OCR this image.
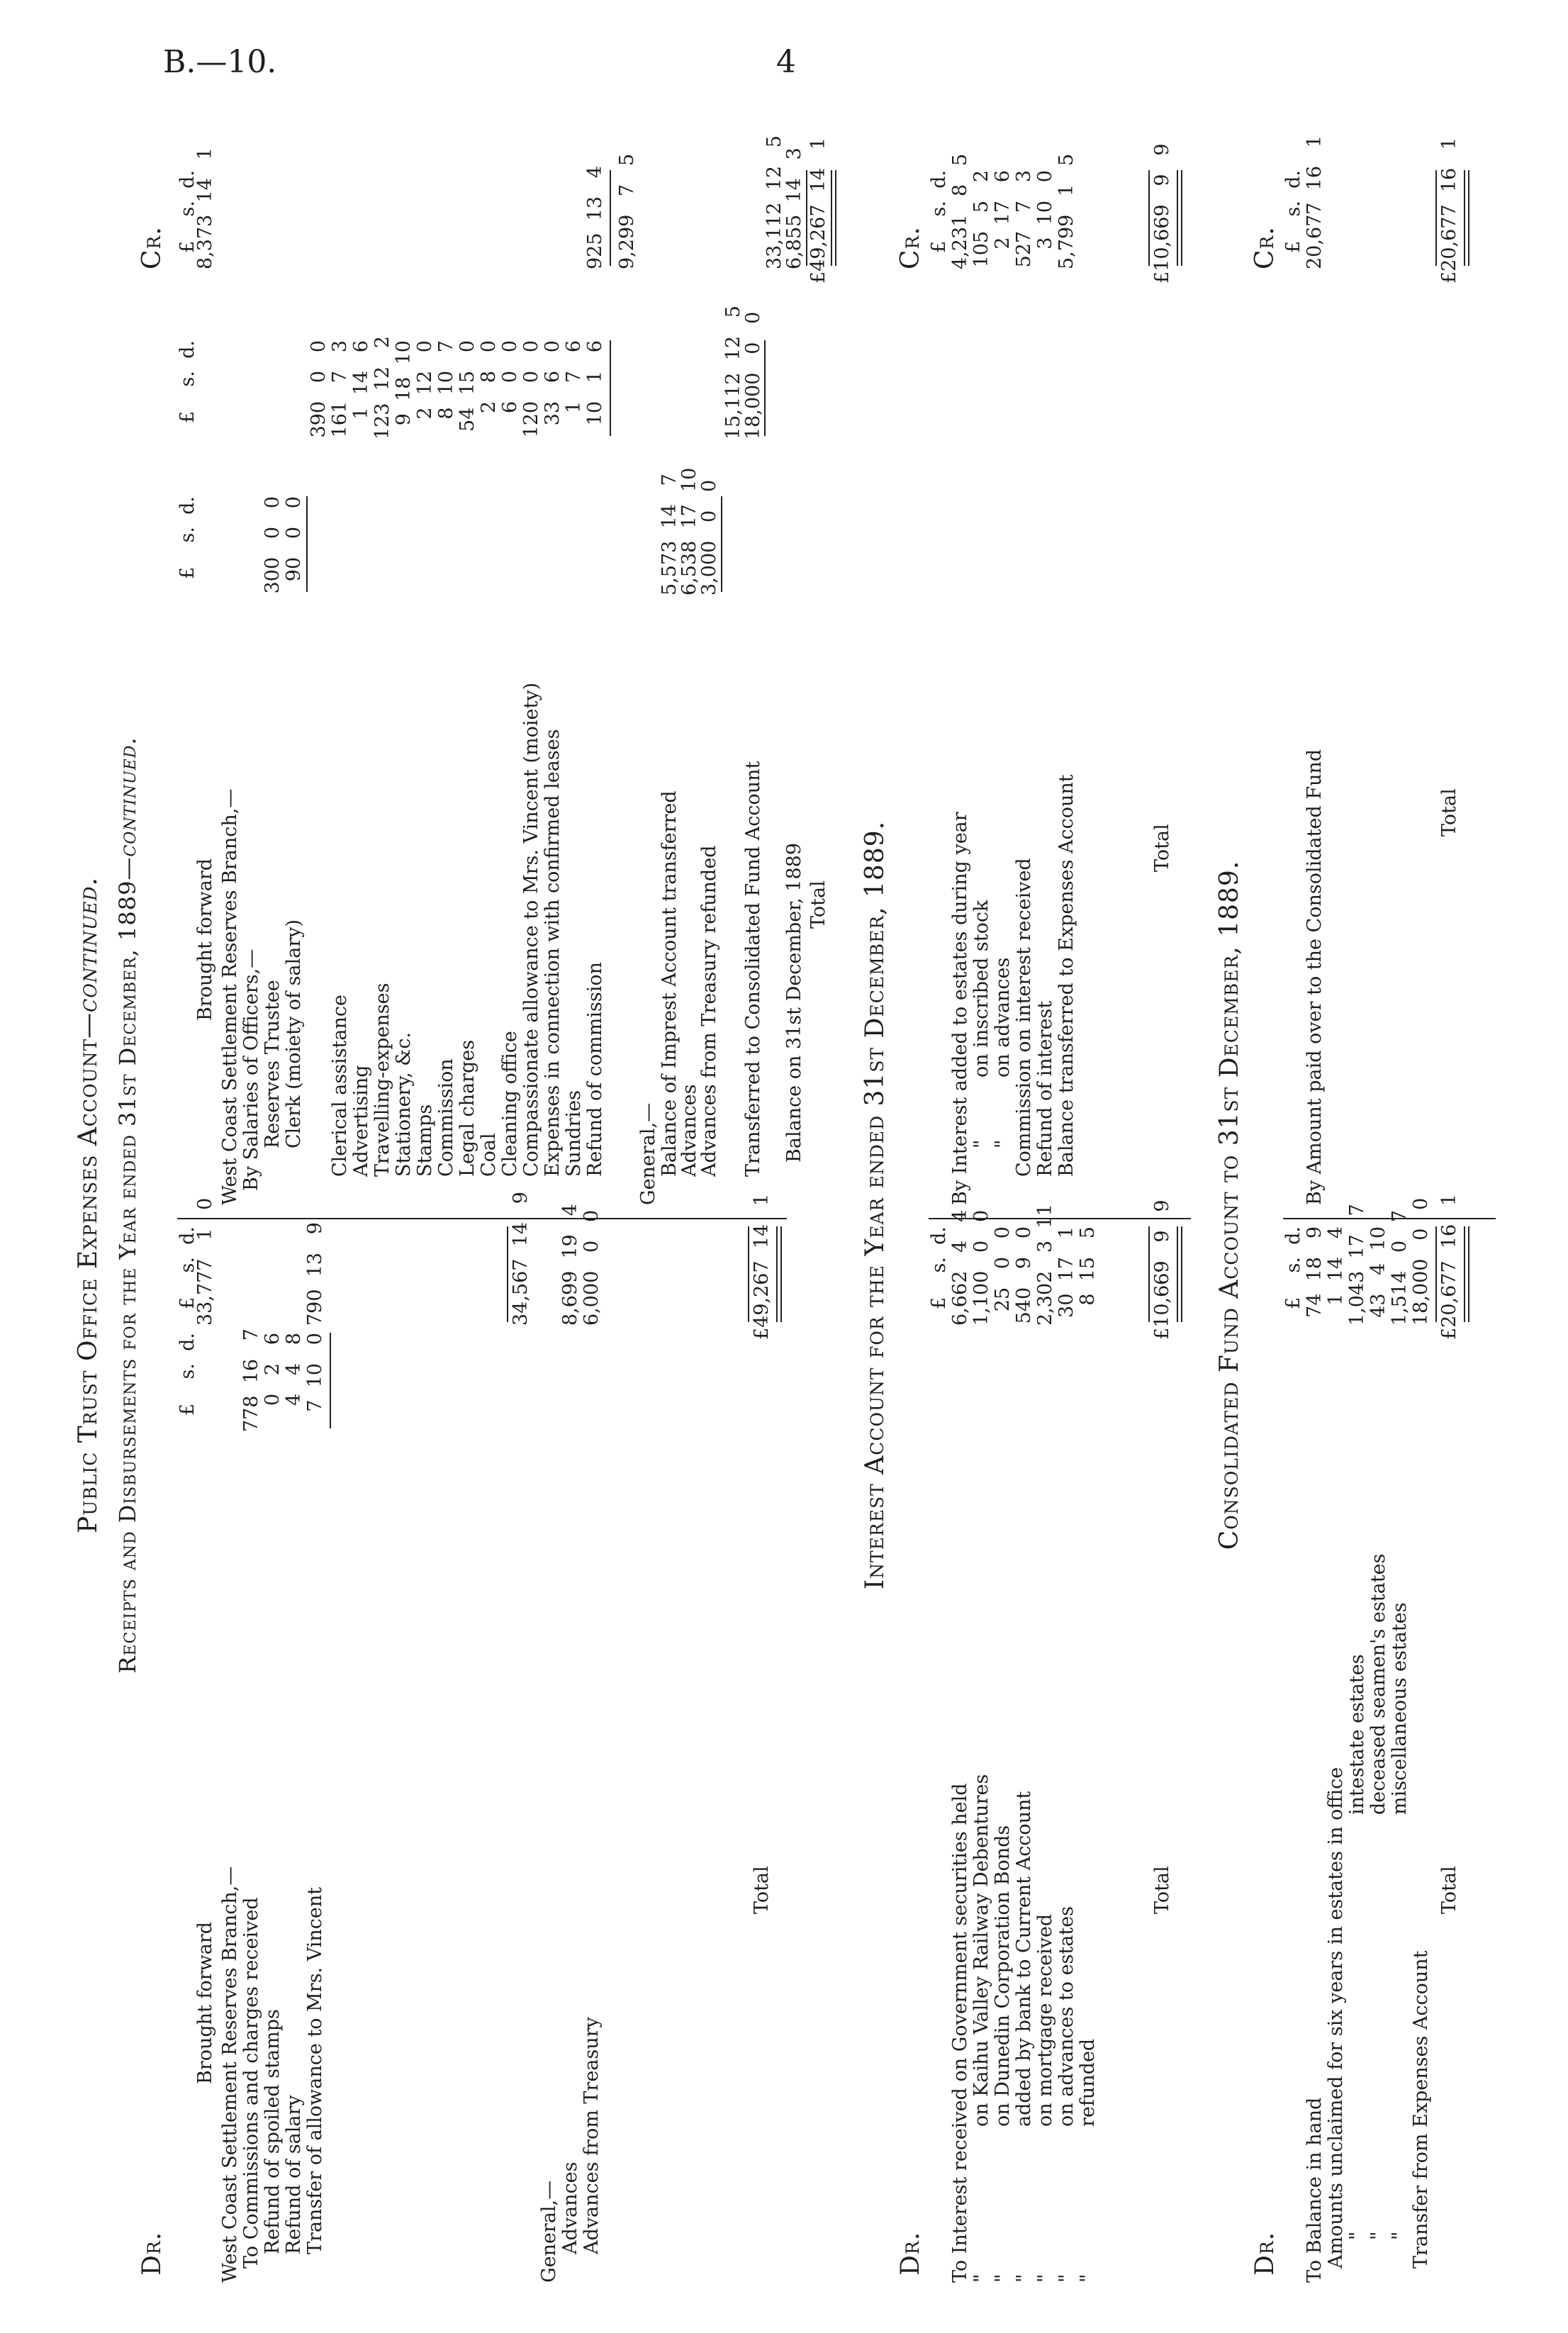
B.—10.	4
Public Trust Office Expenses Account—continued. Receipts and Disbursements for the Year ended 31st December, 1889—continued.
Dr.
Cr.
£    s.  d.
£    s.  d.
Brought forward
33,777   1   0
West Coast Settlement Reserves Branch,— To Commissions and charges received
778  16   7
Refund of spoiled stamps
0   2   6
Refund of salary
4   4   8
Transfer of allowance to Mrs. Vincent
7  10   0
790  13   9	34,567  14   9
General,— Advances
8,699  19   4
Advances from Treasury
6,000   0   0
Total
£49,267  14   1
£    s.  d.
£    s.  d.
£    s.  d.
Brought forward
8,373  14   1
West Coast Settlement Reserves Branch,— By Salaries of Officers,— Reserves Trustee
300   0   0
Clerk (moiety of salary)
90   0   0
390   0   0
Clerical assistance
161   7   3
Advertising
1  14   6
Travelling-expenses
123  12   2
Stationery, &c.
9  18  10
Stamps
2  12   0
Commission
8  10   7
Legal charges
54  15   0
Coal
2   8   0
Cleaning office
6   0   0
Compassionate allowance to Mrs. Vincent (moiety)
120   0   0
Expenses in connection with confirmed leases
33   6   0
Sundries
1   7   6
Refund of commission
10   1   6
925  13   4 9,299   7   5
General,— Balance of Imprest Account transferred
5,573  14   7
Advances
6,538  17  10
Advances from Treasury refunded
3,000   0   0
15,112  12   5
Transferred to Consolidated Fund Account
18,000   0   0
33,112  12   5
Balance on 31st December, 1889
6,855  14   3
Total
£49,267  14   1
Interest Account for the Year ended 31st December, 1889.
Dr.
Cr.
£    s.  d.
£    s.  d.
To Interest received on Government securities held
6,662   4   4
"
on Kaihu Valley Railway Debentures
1,100   0   0
"
on Dunedin Corporation Bonds
25   0   0
"
added by bank to Current Account
540   9   0
"
on mortgage received
2,302   3  11
"
on advances to estates
30  17   1
"
refunded
8  15   5
Total
£10,669   9   9
By Interest added to estates during year
4,231   8   5
"
on inscribed stock
105   5   2
"
on advances
2  17   6
Commission on interest received
527   7   3
Refund of interest
3  10   0
Balance transferred to Expenses Account
5,799   1   5
Total
£10,669   9   9
Consolidated Fund Account to 31st December, 1889.
Dr.
Cr.
£    s.  d.
£    s.  d.
To Balance in hand
74  18   9
Amounts unclaimed for six years in estates in office
1  14   4
"
intestate estates
1,043  17   7
"
deceased seamen's estates
43   4  10
"
miscellaneous estates
1,514   0   7
Transfer from Expenses Account
18,000   0   0
Total
£20,677  16   1
By Amount paid over to the Consolidated Fund
20,677  16   1
Total
£20,677  16   1
